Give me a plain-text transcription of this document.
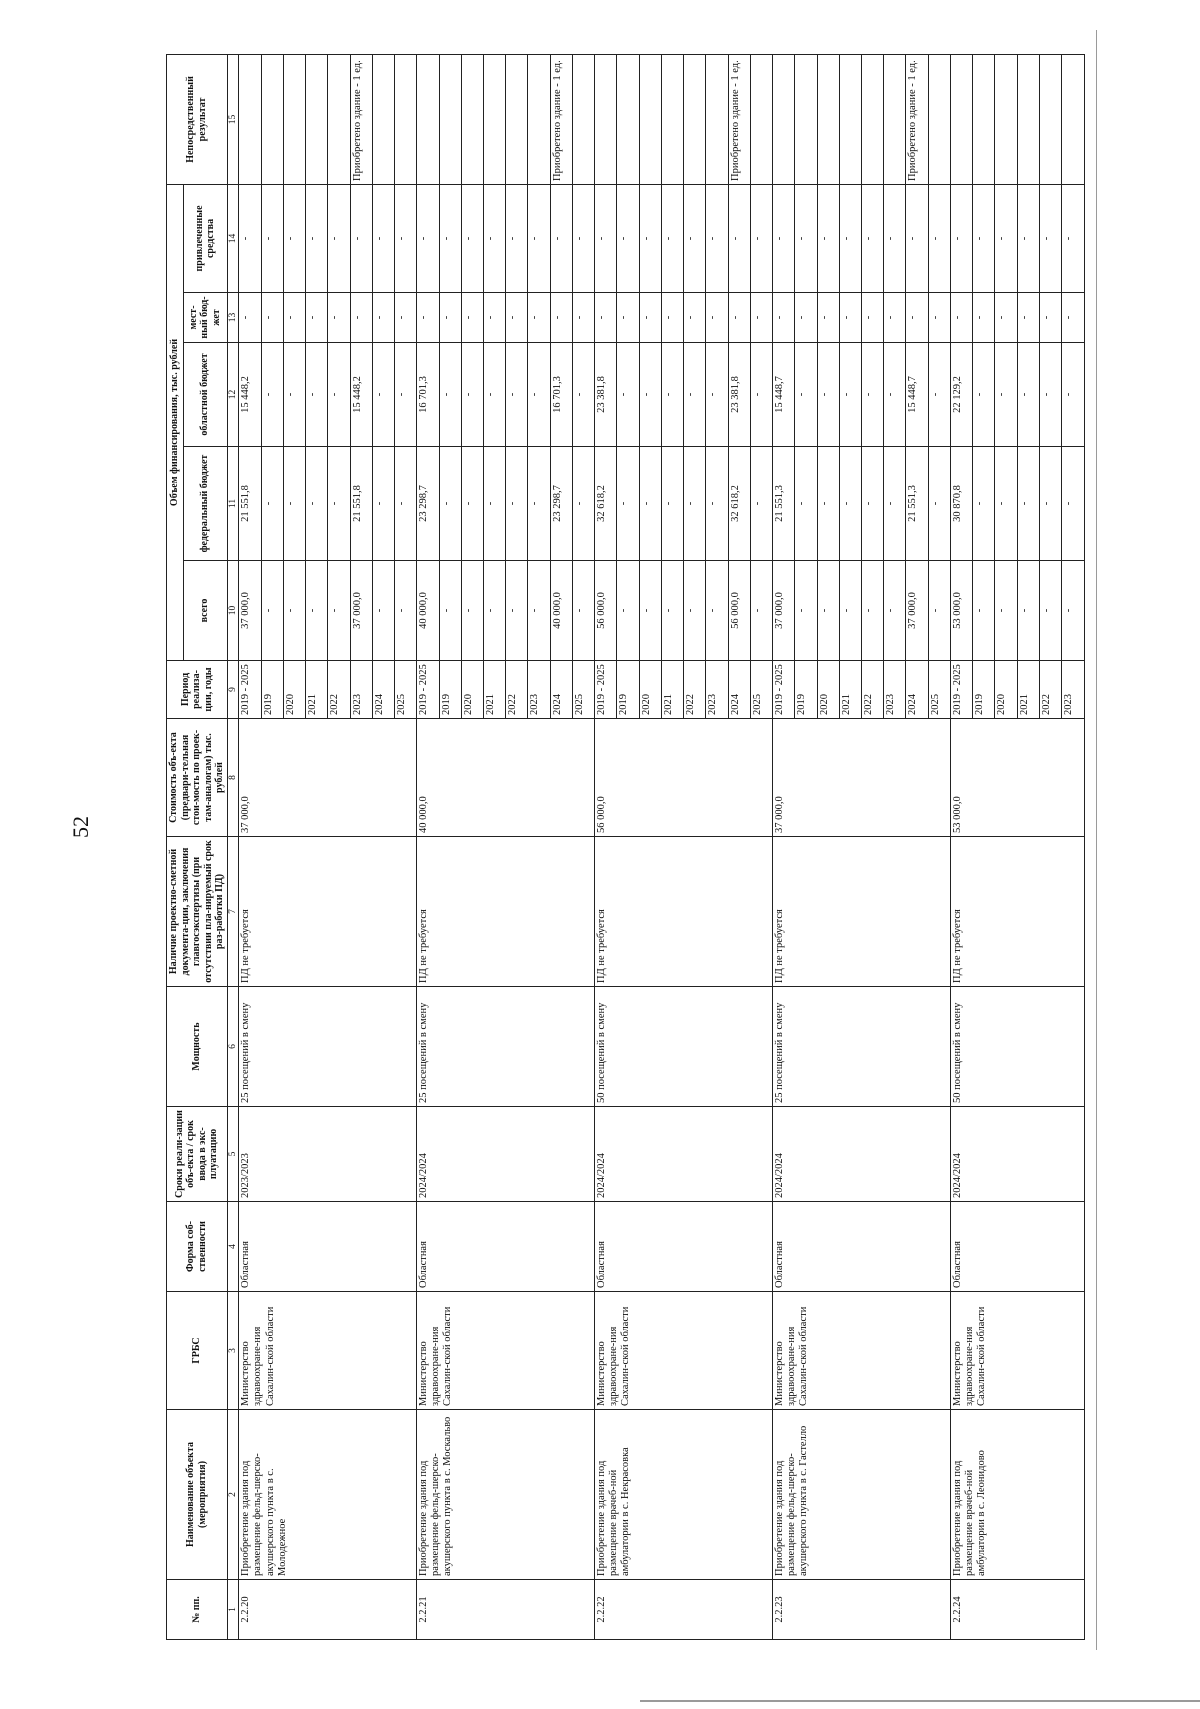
52
№ пп.	Наименование объекта (мероприятия)	ГРБС	Форма соб-ственности	Сроки реали-зации объ-екта / срок ввода в экс-плуатацию	Мощность	Наличие проектно-сметной документа-ции, заключения главгосэкспертизы (при отсутствии пла-нируемый срок раз-работки ПД)	Стоимость объ-екта (предвари-тельная стои-мость по проек-там-аналогам) тыс. рублей	Период реализа-ции, годы	Объем финансирования, тыс. рублей					Непосредственный результат
									всего	федеральный бюджет	областной бюджет	мест-ный бюд-жет	привлеченные средства	
1	2	3	4	5	6	7	8	9	10	11	12	13	14	15
2.2.20	Приобретение здания под размещение фельд-шерско-акушерского пункта в с. Молодежное	Министерство здравоохране-ния Сахалин-ской области	Областная	2023/2023	25 посещений в смену	ПД не требуется	37 000,0	2019 - 2025	37 000,0	21 551,8	15 448,2	-	-	
								2019	-	-	-	-	-	
								2020	-	-	-	-	-	
								2021	-	-	-	-	-	
								2022	-	-	-	-	-	
								2023	37 000,0	21 551,8	15 448,2	-	-	Приобретено здание - 1 ед.
								2024	-	-	-	-	-	
								2025	-	-	-	-	-	
2.2.21	Приобретение здания под размещение фельд-шерско-акушерского пункта в с. Москальво	Министерство здравоохране-ния Сахалин-ской области	Областная	2024/2024	25 посещений в смену	ПД не требуется	40 000,0	2019 - 2025	40 000,0	23 298,7	16 701,3	-	-	
								2019	-	-	-	-	-	
								2020	-	-	-	-	-	
								2021	-	-	-	-	-	
								2022	-	-	-	-	-	
								2023	-	-	-	-	-	
								2024	40 000,0	23 298,7	16 701,3	-	-	Приобретено здание - 1 ед.
								2025	-	-	-	-	-	
2.2.22	Приобретение здания под размещение врачеб-ной амбулатории в с. Некрасовка	Министерство здравоохране-ния Сахалин-ской области	Областная	2024/2024	50 посещений в смену	ПД не требуется	56 000,0	2019 - 2025	56 000,0	32 618,2	23 381,8	-	-	
								2019	-	-	-	-	-	
								2020	-	-	-	-	-	
								2021	-	-	-	-	-	
								2022	-	-	-	-	-	
								2023	-	-	-	-	-	
								2024	56 000,0	32 618,2	23 381,8	-	-	Приобретено здание - 1 ед.
								2025	-	-	-	-	-	
2.2.23	Приобретение здания под размещение фельд-шерско-акушерского пункта в с. Гастелло	Министерство здравоохране-ния Сахалин-ской области	Областная	2024/2024	25 посещений в смену	ПД не требуется	37 000,0	2019 - 2025	37 000,0	21 551,3	15 448,7	-	-	
								2019	-	-	-	-	-	
								2020	-	-	-	-	-	
								2021	-	-	-	-	-	
								2022	-	-	-	-	-	
								2023	-	-	-	-	-	
								2024	37 000,0	21 551,3	15 448,7	-	-	Приобретено здание - 1 ед.
								2025	-	-	-	-	-	
2.2.24	Приобретение здания под размещение врачеб-ной амбулатории в с. Леонидово	Министерство здравоохране-ния Сахалин-ской области	Областная	2024/2024	50 посещений в смену	ПД не требуется	53 000,0	2019 - 2025	53 000,0	30 870,8	22 129,2	-	-	
								2019	-	-	-	-	-	
								2020	-	-	-	-	-	
								2021	-	-	-	-	-	
								2022	-	-	-	-	-	
								2023	-	-	-	-	-	
